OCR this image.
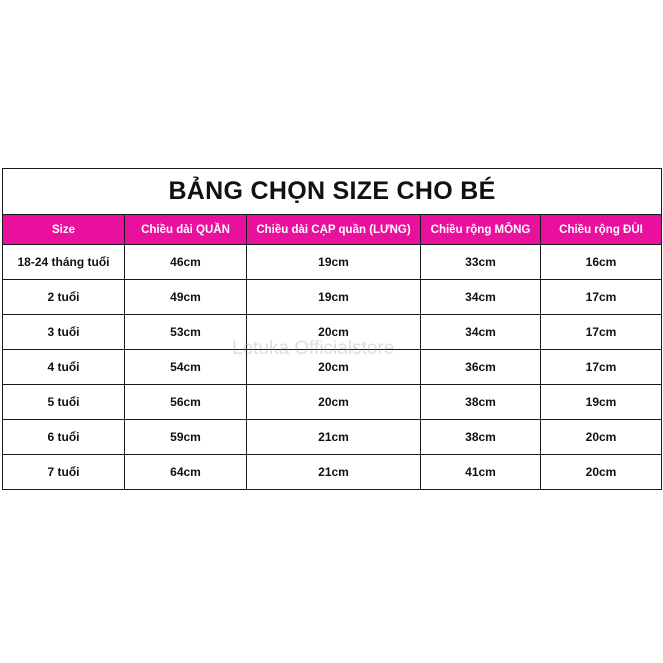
BẢNG CHỌN SIZE CHO BÉ				
Size	Chiều dài QUẦN	Chiều dài CẠP quần (LƯNG)	Chiều rộng MÔNG	Chiều rộng ĐÙI
18-24 tháng tuổi	46cm	19cm	33cm	16cm
2 tuổi	49cm	19cm	34cm	17cm
3 tuổi	53cm	20cm	34cm	17cm
4 tuổi	54cm	20cm	36cm	17cm
5 tuổi	56cm	20cm	38cm	19cm
6 tuổi	59cm	21cm	38cm	20cm
7 tuổi	64cm	21cm	41cm	20cm
Lotuka Officialstore
